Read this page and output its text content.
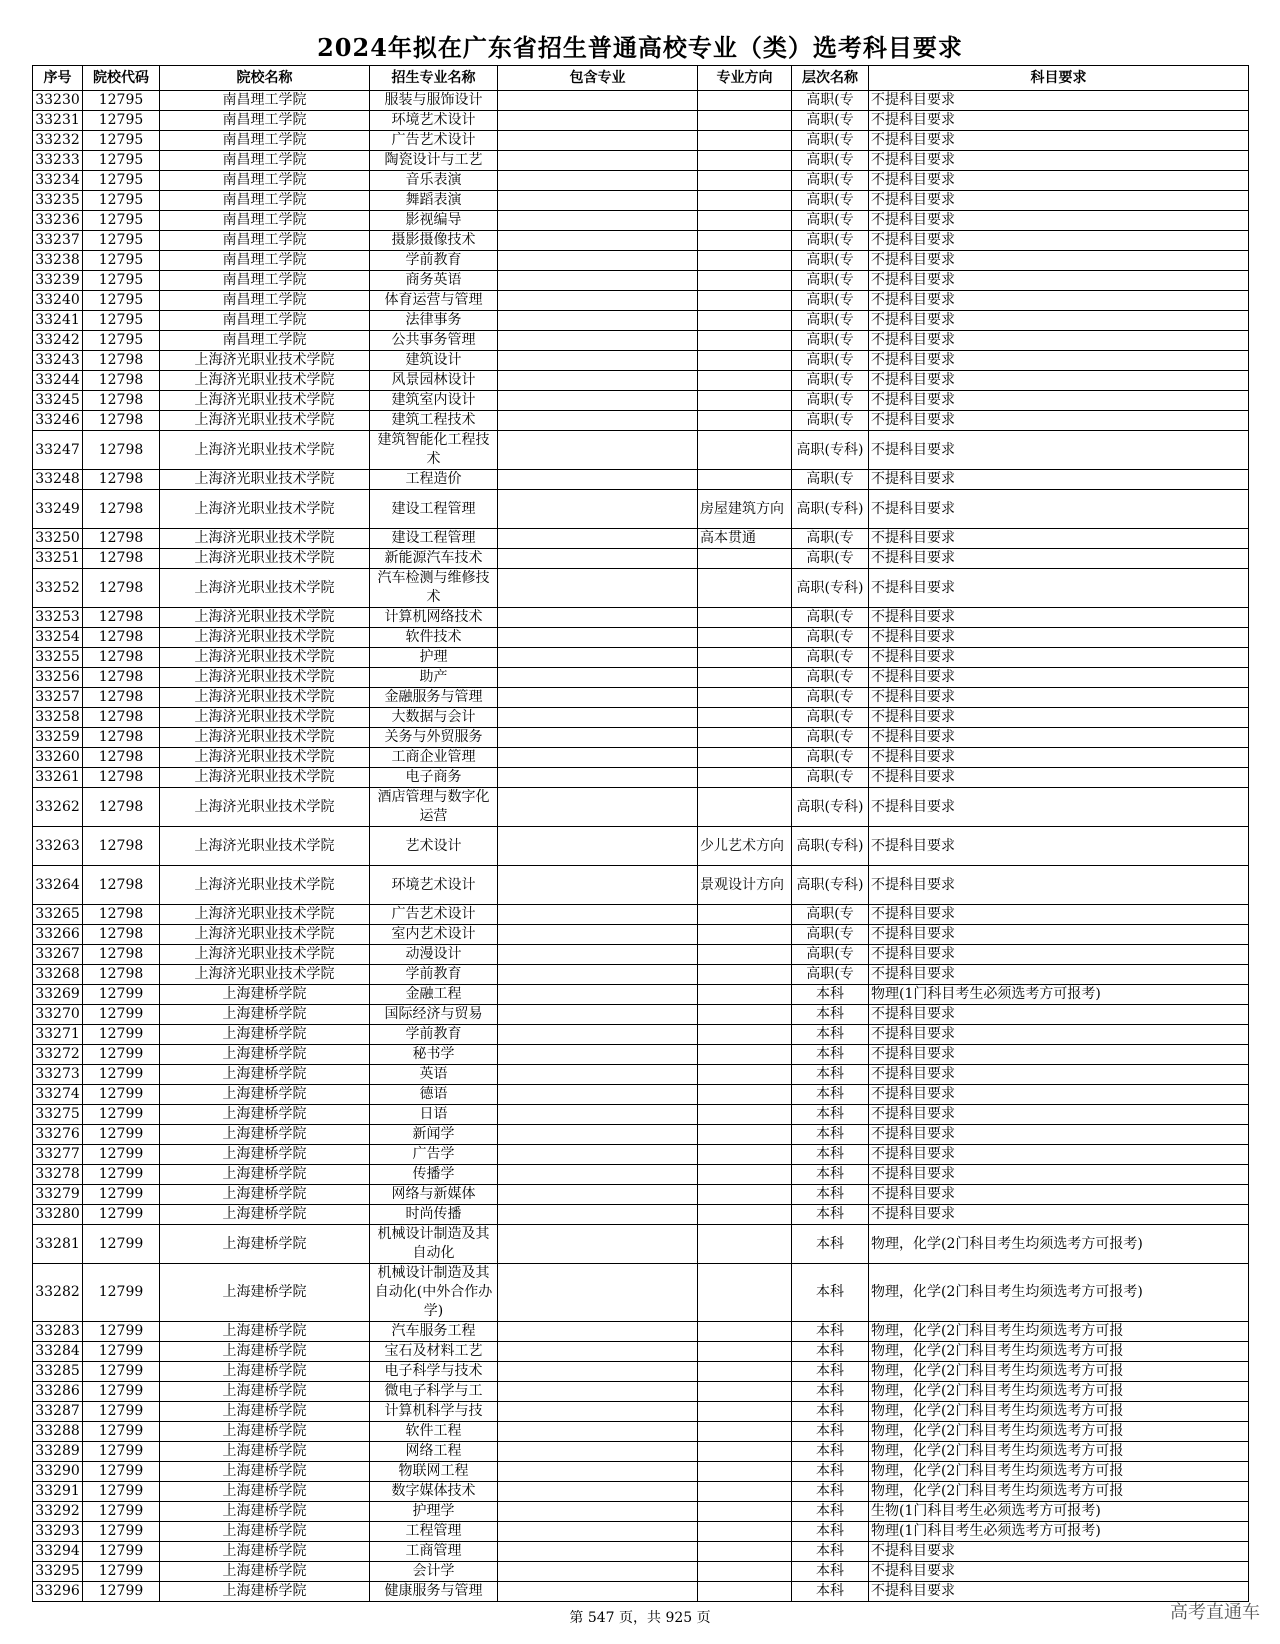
2024年拟在广东省招生普通高校专业（类）选考科目要求
序号	院校代码	院校名称	招生专业名称	包含专业	专业方向	层次名称	科目要求
33230	12795	南昌理工学院	服装与服饰设计			高职(专	不提科目要求
33231	12795	南昌理工学院	环境艺术设计			高职(专	不提科目要求
33232	12795	南昌理工学院	广告艺术设计			高职(专	不提科目要求
33233	12795	南昌理工学院	陶瓷设计与工艺			高职(专	不提科目要求
33234	12795	南昌理工学院	音乐表演			高职(专	不提科目要求
33235	12795	南昌理工学院	舞蹈表演			高职(专	不提科目要求
33236	12795	南昌理工学院	影视编导			高职(专	不提科目要求
33237	12795	南昌理工学院	摄影摄像技术			高职(专	不提科目要求
33238	12795	南昌理工学院	学前教育			高职(专	不提科目要求
33239	12795	南昌理工学院	商务英语			高职(专	不提科目要求
33240	12795	南昌理工学院	体育运营与管理			高职(专	不提科目要求
33241	12795	南昌理工学院	法律事务			高职(专	不提科目要求
33242	12795	南昌理工学院	公共事务管理			高职(专	不提科目要求
33243	12798	上海济光职业技术学院	建筑设计			高职(专	不提科目要求
33244	12798	上海济光职业技术学院	风景园林设计			高职(专	不提科目要求
33245	12798	上海济光职业技术学院	建筑室内设计			高职(专	不提科目要求
33246	12798	上海济光职业技术学院	建筑工程技术			高职(专	不提科目要求
33247	12798	上海济光职业技术学院	建筑智能化工程技术			高职(专科)	不提科目要求
33248	12798	上海济光职业技术学院	工程造价			高职(专	不提科目要求
33249	12798	上海济光职业技术学院	建设工程管理		房屋建筑方向	高职(专科)	不提科目要求
33250	12798	上海济光职业技术学院	建设工程管理		高本贯通	高职(专	不提科目要求
33251	12798	上海济光职业技术学院	新能源汽车技术			高职(专	不提科目要求
33252	12798	上海济光职业技术学院	汽车检测与维修技术			高职(专科)	不提科目要求
33253	12798	上海济光职业技术学院	计算机网络技术			高职(专	不提科目要求
33254	12798	上海济光职业技术学院	软件技术			高职(专	不提科目要求
33255	12798	上海济光职业技术学院	护理			高职(专	不提科目要求
33256	12798	上海济光职业技术学院	助产			高职(专	不提科目要求
33257	12798	上海济光职业技术学院	金融服务与管理			高职(专	不提科目要求
33258	12798	上海济光职业技术学院	大数据与会计			高职(专	不提科目要求
33259	12798	上海济光职业技术学院	关务与外贸服务			高职(专	不提科目要求
33260	12798	上海济光职业技术学院	工商企业管理			高职(专	不提科目要求
33261	12798	上海济光职业技术学院	电子商务			高职(专	不提科目要求
33262	12798	上海济光职业技术学院	酒店管理与数字化运营			高职(专科)	不提科目要求
33263	12798	上海济光职业技术学院	艺术设计		少儿艺术方向	高职(专科)	不提科目要求
33264	12798	上海济光职业技术学院	环境艺术设计		景观设计方向	高职(专科)	不提科目要求
33265	12798	上海济光职业技术学院	广告艺术设计			高职(专	不提科目要求
33266	12798	上海济光职业技术学院	室内艺术设计			高职(专	不提科目要求
33267	12798	上海济光职业技术学院	动漫设计			高职(专	不提科目要求
33268	12798	上海济光职业技术学院	学前教育			高职(专	不提科目要求
33269	12799	上海建桥学院	金融工程			本科	物理(1门科目考生必须选考方可报考)
33270	12799	上海建桥学院	国际经济与贸易			本科	不提科目要求
33271	12799	上海建桥学院	学前教育			本科	不提科目要求
33272	12799	上海建桥学院	秘书学			本科	不提科目要求
33273	12799	上海建桥学院	英语			本科	不提科目要求
33274	12799	上海建桥学院	德语			本科	不提科目要求
33275	12799	上海建桥学院	日语			本科	不提科目要求
33276	12799	上海建桥学院	新闻学			本科	不提科目要求
33277	12799	上海建桥学院	广告学			本科	不提科目要求
33278	12799	上海建桥学院	传播学			本科	不提科目要求
33279	12799	上海建桥学院	网络与新媒体			本科	不提科目要求
33280	12799	上海建桥学院	时尚传播			本科	不提科目要求
33281	12799	上海建桥学院	机械设计制造及其自动化			本科	物理，化学(2门科目考生均须选考方可报考)
33282	12799	上海建桥学院	机械设计制造及其自动化(中外合作办学)			本科	物理，化学(2门科目考生均须选考方可报考)
33283	12799	上海建桥学院	汽车服务工程			本科	物理，化学(2门科目考生均须选考方可报
33284	12799	上海建桥学院	宝石及材料工艺			本科	物理，化学(2门科目考生均须选考方可报
33285	12799	上海建桥学院	电子科学与技术			本科	物理，化学(2门科目考生均须选考方可报
33286	12799	上海建桥学院	微电子科学与工			本科	物理，化学(2门科目考生均须选考方可报
33287	12799	上海建桥学院	计算机科学与技			本科	物理，化学(2门科目考生均须选考方可报
33288	12799	上海建桥学院	软件工程			本科	物理，化学(2门科目考生均须选考方可报
33289	12799	上海建桥学院	网络工程			本科	物理，化学(2门科目考生均须选考方可报
33290	12799	上海建桥学院	物联网工程			本科	物理，化学(2门科目考生均须选考方可报
33291	12799	上海建桥学院	数字媒体技术			本科	物理，化学(2门科目考生均须选考方可报
33292	12799	上海建桥学院	护理学			本科	生物(1门科目考生必须选考方可报考)
33293	12799	上海建桥学院	工程管理			本科	物理(1门科目考生必须选考方可报考)
33294	12799	上海建桥学院	工商管理			本科	不提科目要求
33295	12799	上海建桥学院	会计学			本科	不提科目要求
33296	12799	上海建桥学院	健康服务与管理			本科	不提科目要求
第 547 页，共 925 页	高考直通车
